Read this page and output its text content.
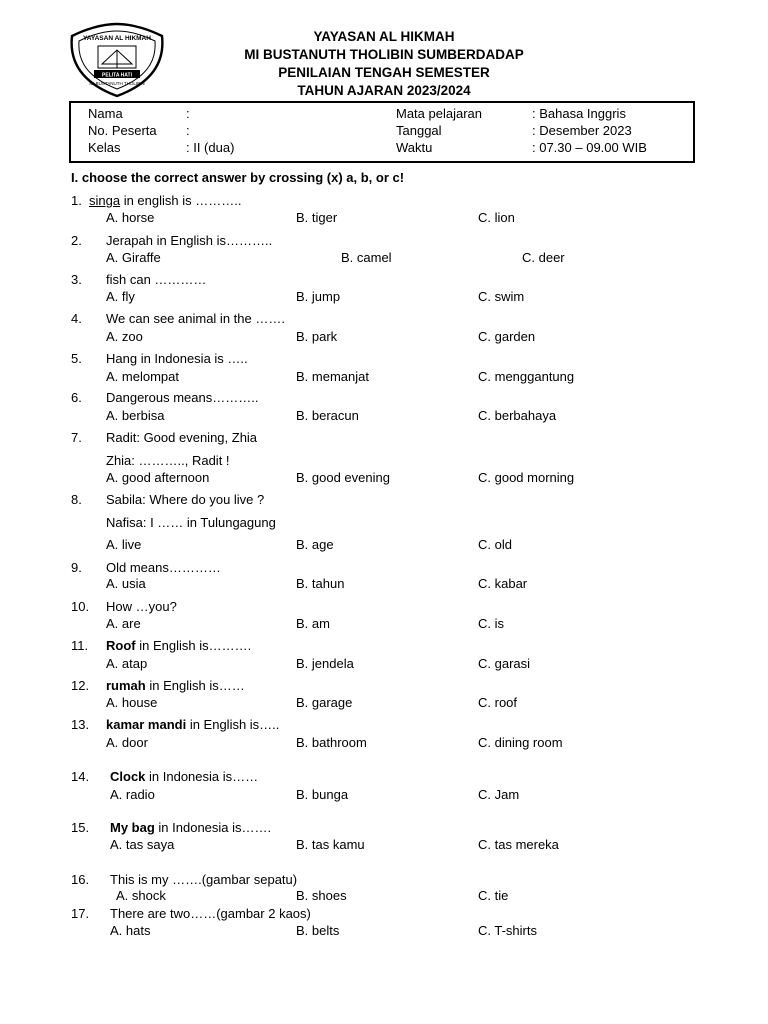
YAYASAN AL HIKMAH
MI BUSTANUTH THOLIBIN SUMBERDADAP
PENILAIAN TENGAH SEMESTER
TAHUN AJARAN 2023/2024
YAYASAN AL HIKMAH
PELITA HATI
MI BUSTANUTH THOLIBIN
Nama	:
No. Peserta :
Kelas	: II (dua)
Mata pelajaran	: Bahasa Inggris
Tanggal	: Desember 2023
Waktu	: 07.30 – 09.00 WIB
I. choose the correct answer by crossing (x) a, b, or c!
1. singa in english is ………..
A. horse	B. tiger	C. lion
2. Jerapah in English is………..
A. Giraffe	B. camel	C. deer
3. fish can …………
A. fly	B. jump	C. swim
4. We can see animal in the …….
A. zoo	B. park	C. garden
5. Hang in Indonesia is …..
A. melompat	B. memanjat	C. menggantung
6. Dangerous means………..
A. berbisa	B. beracun	C. berbahaya
7. Radit: Good evening, Zhia
Zhia: ……….., Radit !
A. good afternoon	B. good evening	C. good morning
8. Sabila: Where do you live ?
Nafisa: I …… in Tulungagung
A. live	B. age	C. old
9. Old means…………
A. usia	B. tahun	C. kabar
10. How …you?
A. are	B. am	C. is
11. Roof in English is……….
A. atap	B. jendela	C. garasi
12. rumah in English is……
A. house	B. garage	C. roof
13. kamar mandi in English is…..
A. door	B. bathroom	C. dining room
14. Clock in Indonesia is……
A. radio	B. bunga	C. Jam
15. My bag in Indonesia is…….
A. tas saya	B. tas kamu	C. tas mereka
16. This is my …….(gambar sepatu)
A. shock	B. shoes	C. tie
17. There are two……(gambar 2 kaos)
A. hats	B. belts	C. T-shirts
